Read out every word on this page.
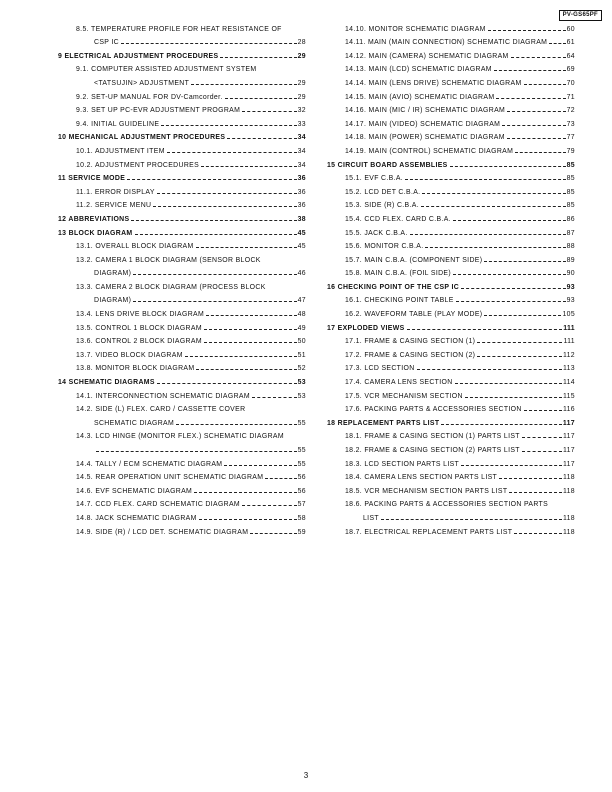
PV-GS65PF
8.5. TEMPERATURE PROFILE FOR HEAT RESISTANCE OF
CSP IC	28
9 ELECTRICAL ADJUSTMENT PROCEDURES	29
9.1. COMPUTER ASSISTED ADJUSTMENT SYSTEM
<TATSUJIN> ADJUSTMENT	29
9.2. SET-UP MANUAL FOR DV-Camcorder.	29
9.3. SET UP PC-EVR ADJUSTMENT PROGRAM	32
9.4. INITIAL GUIDELINE	33
10 MECHANICAL ADJUSTMENT PROCEDURES	34
10.1. ADJUSTMENT ITEM	34
10.2. ADJUSTMENT PROCEDURES	34
11 SERVICE MODE	36
11.1. ERROR DISPLAY	36
11.2. SERVICE MENU	36
12 ABBREVIATIONS	38
13 BLOCK DIAGRAM	45
13.1. OVERALL BLOCK DIAGRAM	45
13.2. CAMERA 1 BLOCK DIAGRAM (SENSOR BLOCK
DIAGRAM)	46
13.3. CAMERA 2 BLOCK DIAGRAM (PROCESS BLOCK
DIAGRAM)	47
13.4. LENS DRIVE BLOCK DIAGRAM	48
13.5. CONTROL 1 BLOCK DIAGRAM	49
13.6. CONTROL 2 BLOCK DIAGRAM	50
13.7. VIDEO BLOCK DIAGRAM	51
13.8. MONITOR BLOCK DIAGRAM	52
14 SCHEMATIC DIAGRAMS	53
14.1. INTERCONNECTION SCHEMATIC DIAGRAM	53
14.2. SIDE (L) FLEX. CARD / CASSETTE COVER
SCHEMATIC DIAGRAM	55
14.3. LCD HINGE (MONITOR FLEX.) SCHEMATIC DIAGRAM
55
14.4. TALLY / ECM SCHEMATIC DIAGRAM	55
14.5. REAR OPERATION UNIT SCHEMATIC DIAGRAM	56
14.6. EVF SCHEMATIC DIAGRAM	56
14.7. CCD FLEX. CARD SCHEMATIC DIAGRAM	57
14.8. JACK SCHEMATIC DIAGRAM	58
14.9. SIDE (R) / LCD DET. SCHEMATIC DIAGRAM	59
14.10. MONITOR SCHEMATIC DIAGRAM	60
14.11. MAIN (MAIN CONNECTION) SCHEMATIC DIAGRAM	61
14.12. MAIN (CAMERA) SCHEMATIC DIAGRAM	64
14.13. MAIN (LCD) SCHEMATIC DIAGRAM	69
14.14. MAIN (LENS DRIVE) SCHEMATIC DIAGRAM	70
14.15. MAIN (AVIO) SCHEMATIC DIAGRAM	71
14.16. MAIN (MIC / IR) SCHEMATIC DIAGRAM	72
14.17. MAIN (VIDEO) SCHEMATIC DIAGRAM	73
14.18. MAIN (POWER) SCHEMATIC DIAGRAM	77
14.19. MAIN (CONTROL) SCHEMATIC DIAGRAM	79
15 CIRCUIT BOARD ASSEMBLIES	85
15.1. EVF C.B.A.	85
15.2. LCD DET C.B.A.	85
15.3. SIDE (R) C.B.A.	85
15.4. CCD FLEX. CARD C.B.A.	86
15.5. JACK C.B.A.	87
15.6. MONITOR C.B.A.	88
15.7. MAIN C.B.A. (COMPONENT SIDE)	89
15.8. MAIN C.B.A. (FOIL SIDE)	90
16 CHECKING POINT OF THE CSP IC	93
16.1. CHECKING POINT TABLE	93
16.2. WAVEFORM TABLE (PLAY MODE)	105
17 EXPLODED VIEWS	111
17.1. FRAME & CASING SECTION (1)	111
17.2. FRAME & CASING SECTION (2)	112
17.3. LCD SECTION	113
17.4. CAMERA LENS SECTION	114
17.5. VCR MECHANISM SECTION	115
17.6. PACKING PARTS & ACCESSORIES SECTION	116
18 REPLACEMENT PARTS LIST	117
18.1. FRAME & CASING SECTION (1) PARTS LIST	117
18.2. FRAME & CASING SECTION (2) PARTS LIST	117
18.3. LCD SECTION PARTS LIST	117
18.4. CAMERA LENS SECTION PARTS LIST	118
18.5. VCR MECHANISM SECTION PARTS LIST	118
18.6. PACKING PARTS & ACCESSORIES SECTION PARTS
LIST	118
18.7. ELECTRICAL REPLACEMENT PARTS LIST	118
3
